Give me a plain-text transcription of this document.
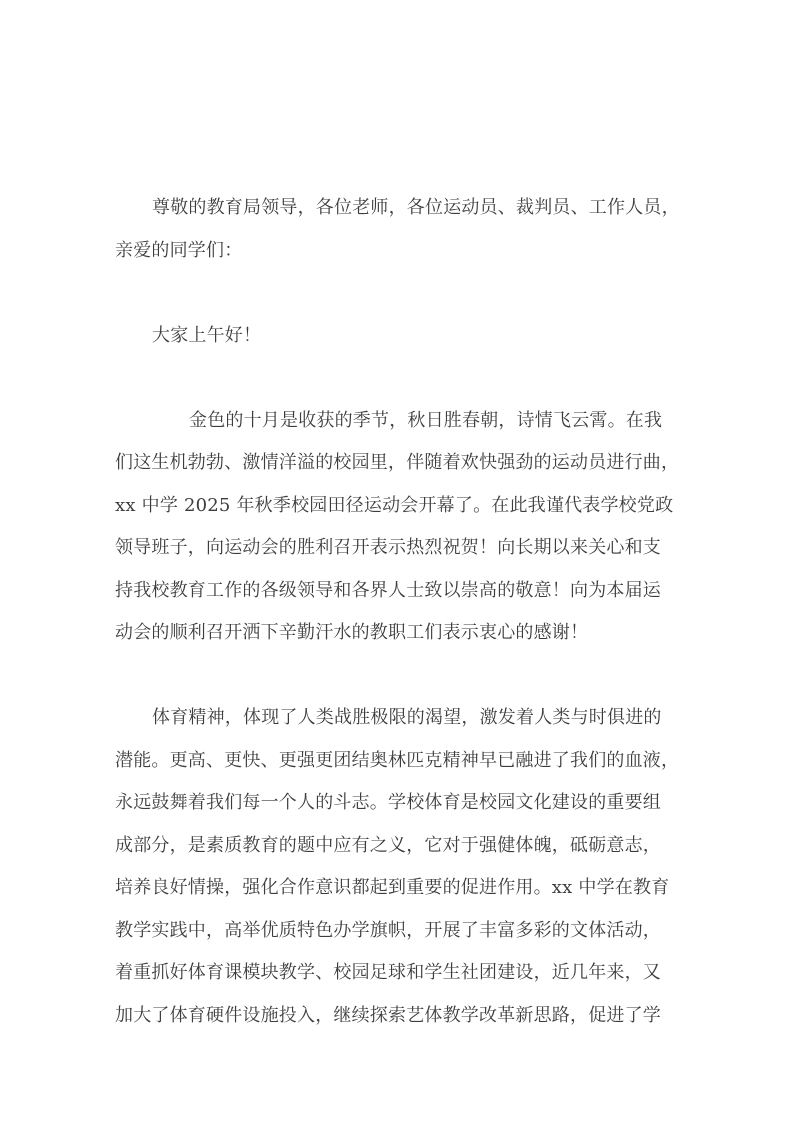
尊敬的教育局领导，各位老师，各位运动员、裁判员、工作人员，
亲爱的同学们：
大家上午好！
金色的十月是收获的季节，秋日胜春朝，诗情飞云霄。在我
们这生机勃勃、激情洋溢的校园里，伴随着欢快强劲的运动员进行曲，
xx 中学 2025 年秋季校园田径运动会开幕了。在此我谨代表学校党政
领导班子，向运动会的胜利召开表示热烈祝贺！向长期以来关心和支
持我校教育工作的各级领导和各界人士致以崇高的敬意！向为本届运
动会的顺利召开洒下辛勤汗水的教职工们表示衷心的感谢！
体育精神，体现了人类战胜极限的渴望，激发着人类与时俱进的
潜能。更高、更快、更强更团结奥林匹克精神早已融进了我们的血液，
永远鼓舞着我们每一个人的斗志。学校体育是校园文化建设的重要组
成部分，是素质教育的题中应有之义，它对于强健体魄，砥砺意志，
培养良好情操，强化合作意识都起到重要的促进作用。xx 中学在教育
教学实践中，高举优质特色办学旗帜，开展了丰富多彩的文体活动，
着重抓好体育课模块教学、校园足球和学生社团建设，近几年来，又
加大了体育硬件设施投入，继续探索艺体教学改革新思路，促进了学
